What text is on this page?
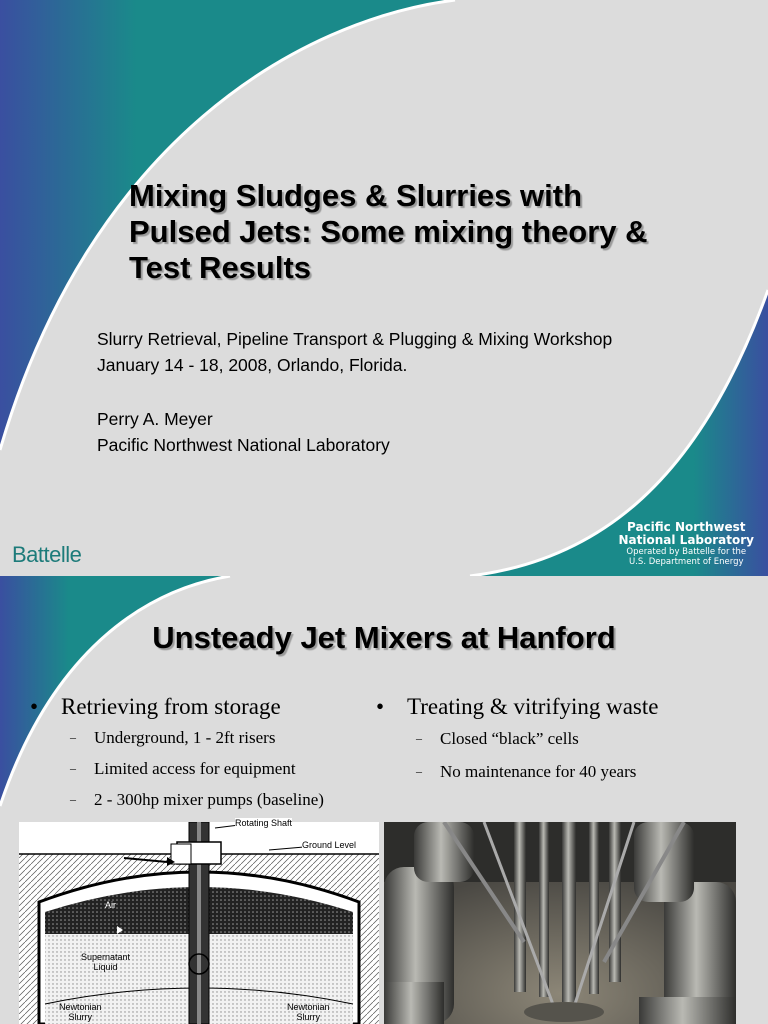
Mixing Sludges & Slurries with
Pulsed Jets: Some mixing theory &
Test Results
Slurry Retrieval, Pipeline Transport & Plugging & Mixing Workshop
January 14 - 18, 2008, Orlando, Florida.
Perry A. Meyer
Pacific Northwest National Laboratory
Battelle
Pacific Northwest
National Laboratory
Operated by Battelle for the
U.S. Department of Energy
Unsteady Jet Mixers at Hanford
• Retrieving from storage
– Underground, 1 - 2ft risers
– Limited access for equipment
– 2 - 300hp mixer pumps (baseline)
• Treating & vitrifying waste
– Closed “black” cells
– No maintenance for 40 years
Rotating Shaft
Ground Level
Air
Supernatant
Liquid
Newtonian
Slurry
Newtonian
Slurry
